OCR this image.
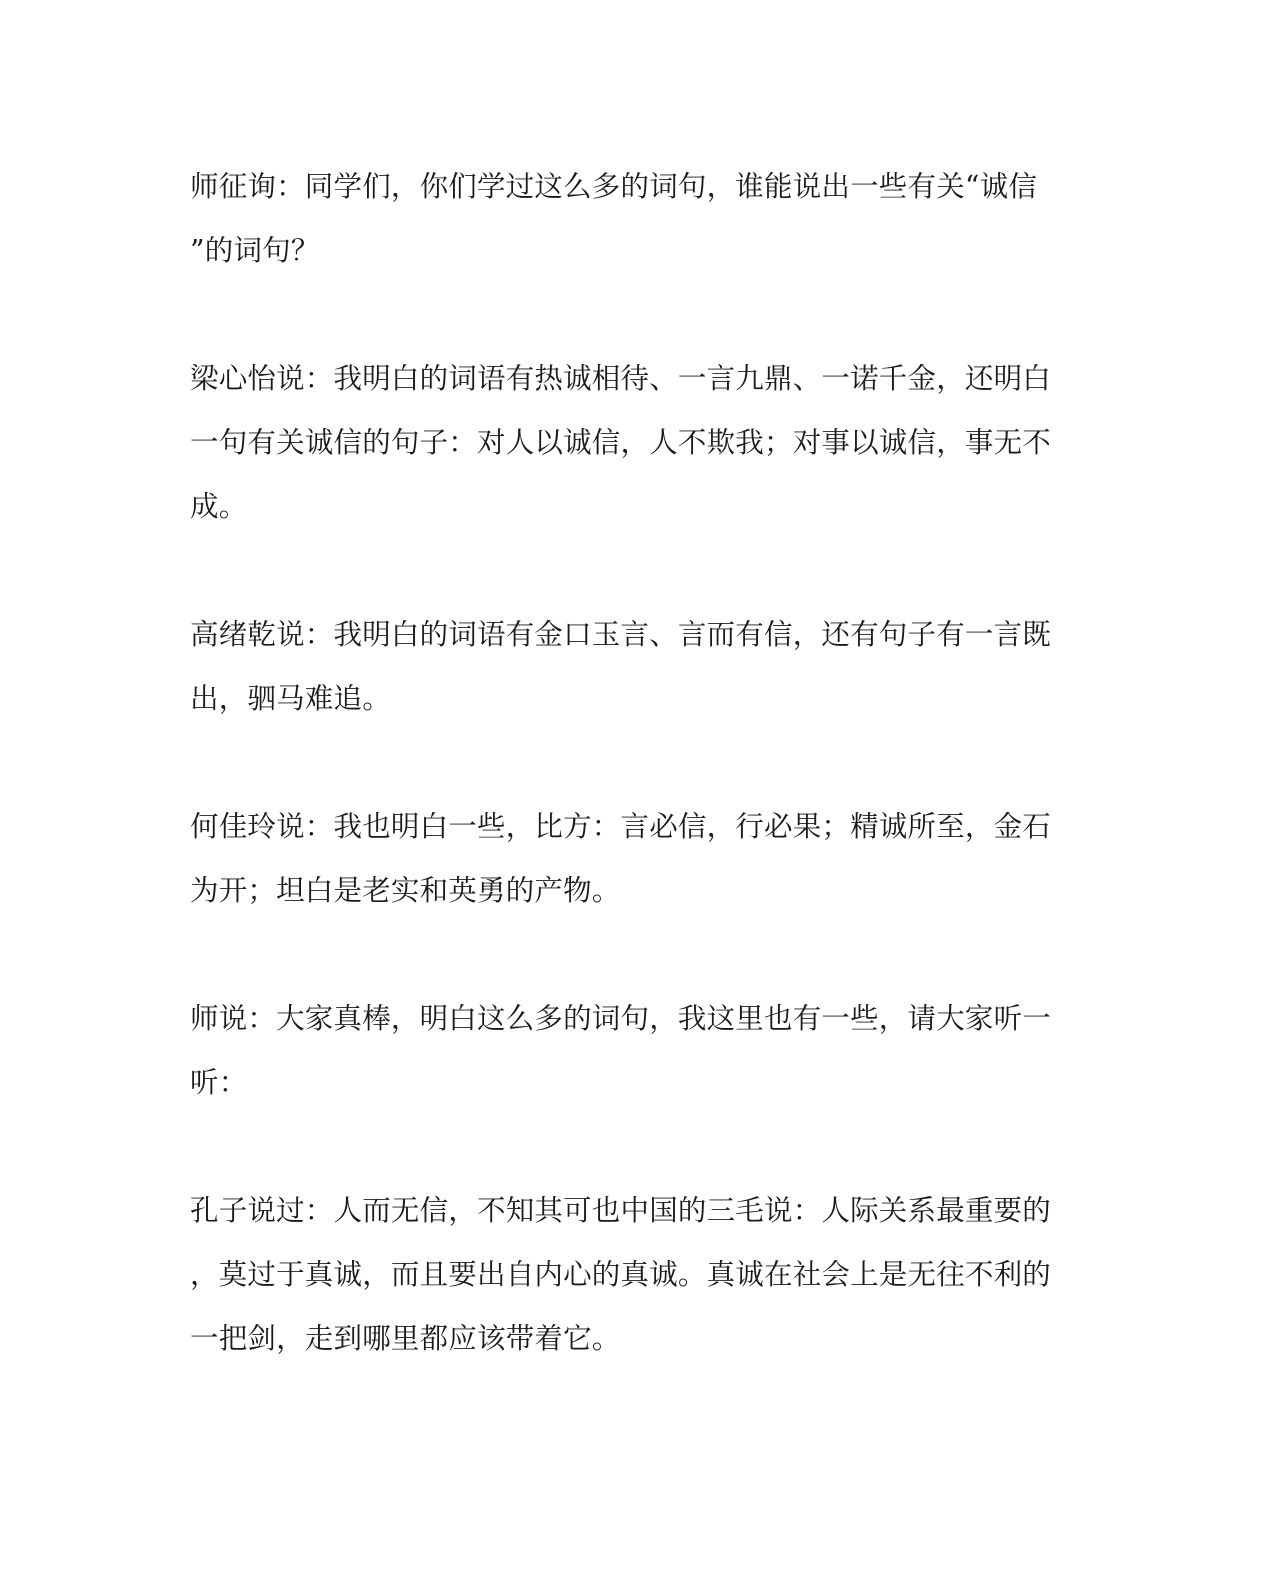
师征询：同学们，你们学过这么多的词句，谁能说出一些有关“诚信
”的词句？

梁心怡说：我明白的词语有热诚相待、一言九鼎、一诺千金，还明白
一句有关诚信的句子：对人以诚信，人不欺我；对事以诚信，事无不
成。

高绪乾说：我明白的词语有金口玉言、言而有信，还有句子有一言既
出，驷马难追。

何佳玲说：我也明白一些，比方：言必信，行必果；精诚所至，金石
为开；坦白是老实和英勇的产物。

师说：大家真棒，明白这么多的词句，我这里也有一些，请大家听一
听：

孔子说过：人而无信，不知其可也中国的三毛说：人际关系最重要的
，莫过于真诚，而且要出自内心的真诚。真诚在社会上是无往不利的
一把剑，走到哪里都应该带着它。
